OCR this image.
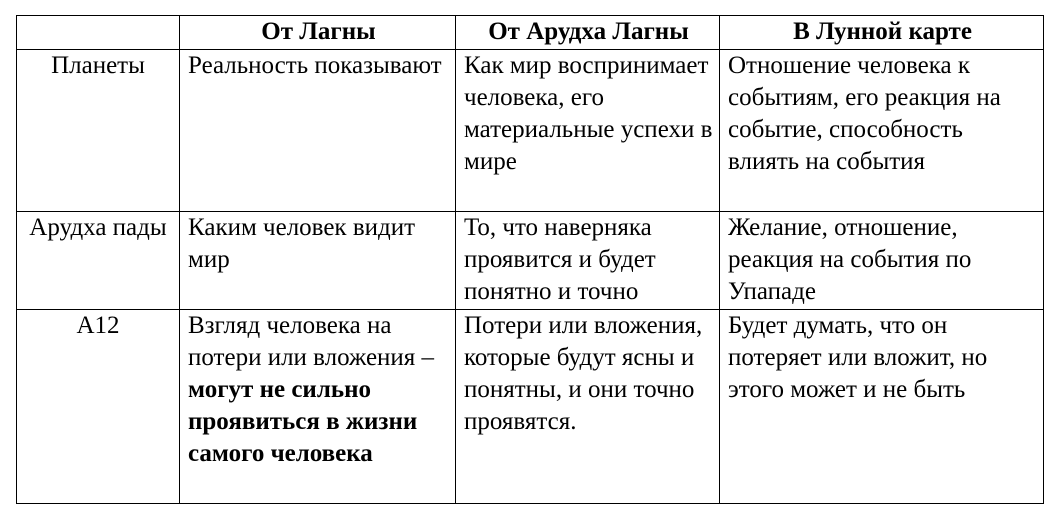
	От Лагны	От Арудха Лагны	В Лунной карте
Планеты	Реальность показывают	Как мир воспринимает человека, его материальные успехи в мире	Отношение человека к событиям, его реакция на событие, способность влиять на события
Арудха пады	Каким человек видит мир	То, что наверняка проявится и будет понятно и точно	Желание, отношение, реакция на события по Упападе
А12	Взгляд человека на потери или вложения – могут не сильно проявиться в жизни самого человека	Потери или вложения, которые будут ясны и понятны, и они точно проявятся.	Будет думать, что он потеряет или вложит, но этого может и не быть
